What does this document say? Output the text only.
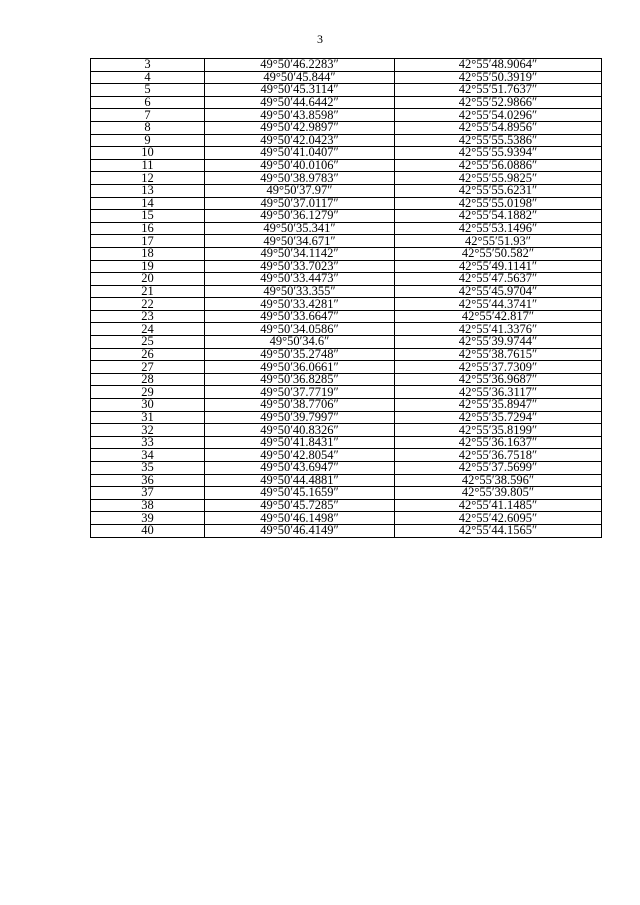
3
3	49°50′46.2283″	42°55′48.9064″
4	49°50′45.844″	42°55′50.3919″
5	49°50′45.3114″	42°55′51.7637″
6	49°50′44.6442″	42°55′52.9866″
7	49°50′43.8598″	42°55′54.0296″
8	49°50′42.9897″	42°55′54.8956″
9	49°50′42.0423″	42°55′55.5386″
10	49°50′41.0407″	42°55′55.9394″
11	49°50′40.0106″	42°55′56.0886″
12	49°50′38.9783″	42°55′55.9825″
13	49°50′37.97″	42°55′55.6231″
14	49°50′37.0117″	42°55′55.0198″
15	49°50′36.1279″	42°55′54.1882″
16	49°50′35.341″	42°55′53.1496″
17	49°50′34.671″	42°55′51.93″
18	49°50′34.1142″	42°55′50.582″
19	49°50′33.7023″	42°55′49.1141″
20	49°50′33.4473″	42°55′47.5637″
21	49°50′33.355″	42°55′45.9704″
22	49°50′33.4281″	42°55′44.3741″
23	49°50′33.6647″	42°55′42.817″
24	49°50′34.0586″	42°55′41.3376″
25	49°50′34.6″	42°55′39.9744″
26	49°50′35.2748″	42°55′38.7615″
27	49°50′36.0661″	42°55′37.7309″
28	49°50′36.8285″	42°55′36.9687″
29	49°50′37.7719″	42°55′36.3117″
30	49°50′38.7706″	42°55′35.8947″
31	49°50′39.7997″	42°55′35.7294″
32	49°50′40.8326″	42°55′35.8199″
33	49°50′41.8431″	42°55′36.1637″
34	49°50′42.8054″	42°55′36.7518″
35	49°50′43.6947″	42°55′37.5699″
36	49°50′44.4881″	42°55′38.596″
37	49°50′45.1659″	42°55′39.805″
38	49°50′45.7285″	42°55′41.1485″
39	49°50′46.1498″	42°55′42.6095″
40	49°50′46.4149″	42°55′44.1565″
